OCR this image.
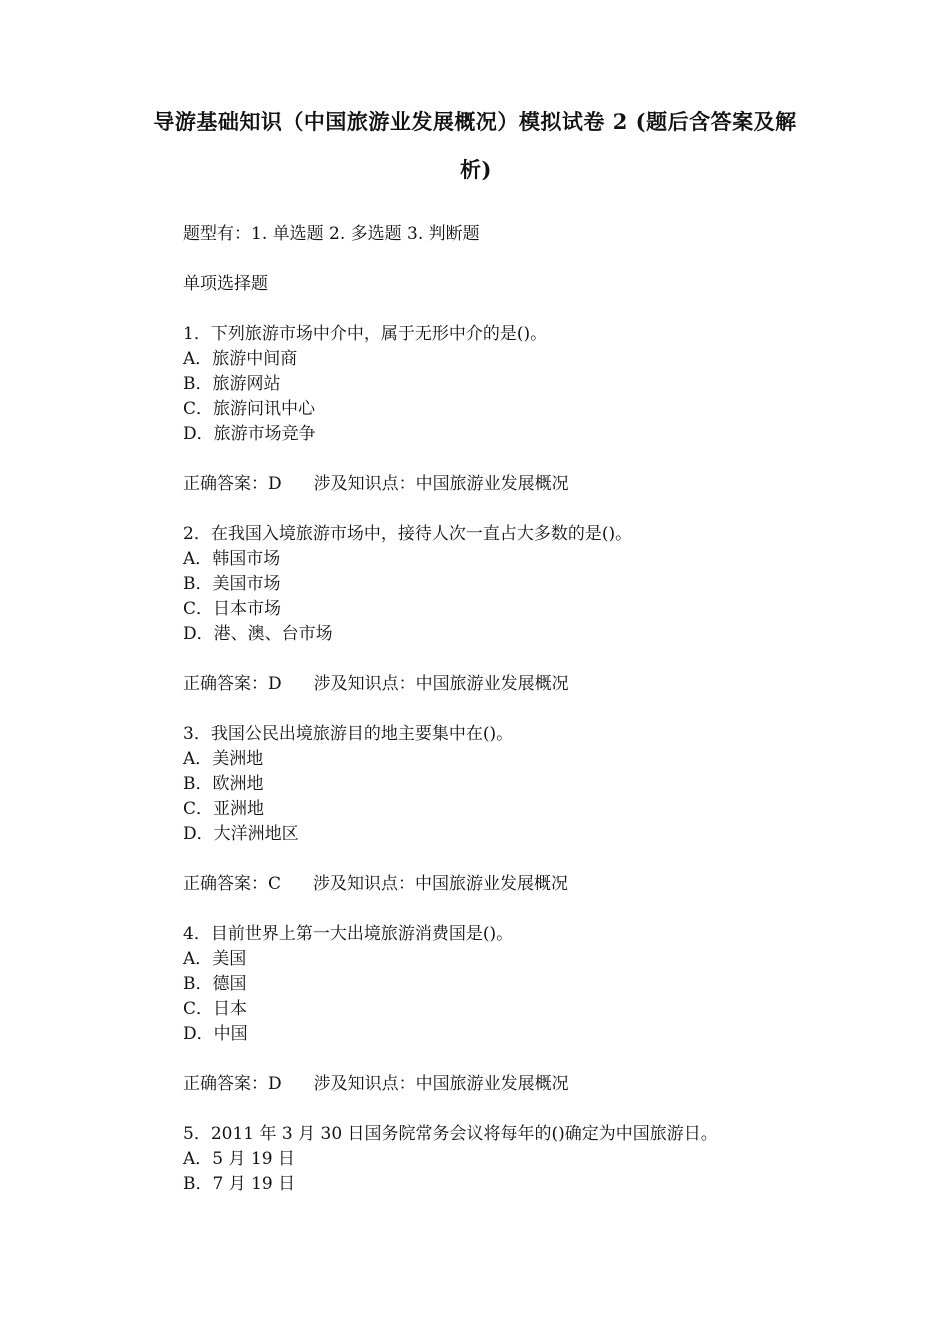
导游基础知识（中国旅游业发展概况）模拟试卷 2 (题后含答案及解
析)
题型有：1. 单选题 2. 多选题 3. 判断题
单项选择题
1．下列旅游市场中介中，属于无形中介的是()。
A．旅游中间商
B．旅游网站
C．旅游问讯中心
D．旅游市场竞争
正确答案：D 涉及知识点：中国旅游业发展概况
2．在我国入境旅游市场中，接待人次一直占大多数的是()。
A．韩国市场
B．美国市场
C．日本市场
D．港、澳、台市场
正确答案：D 涉及知识点：中国旅游业发展概况
3．我国公民出境旅游目的地主要集中在()。
A．美洲地
B．欧洲地
C．亚洲地
D．大洋洲地区
正确答案：C 涉及知识点：中国旅游业发展概况
4．目前世界上第一大出境旅游消费国是()。
A．美国
B．德国
C．日本
D．中国
正确答案：D 涉及知识点：中国旅游业发展概况
5．2011 年 3 月 30 日国务院常务会议将每年的()确定为中国旅游日。
A．5 月 19 日
B．7 月 19 日
